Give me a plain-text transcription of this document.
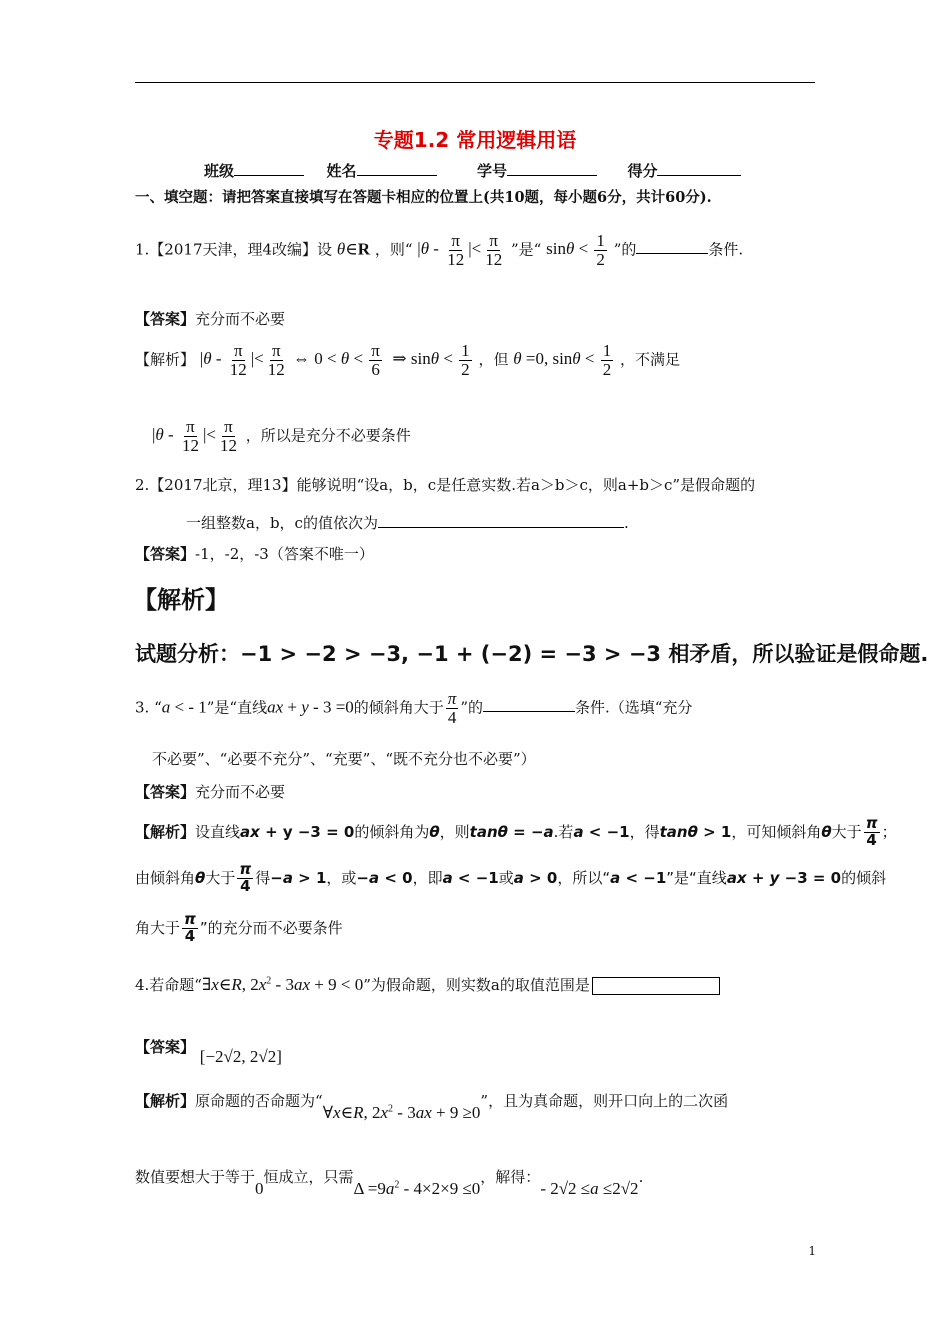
专题1.2 常用逻辑用语
班级	姓名	学号	得分
一、填空题：请把答案直接填写在答题卡相应的位置上(共10题，每小题6分，共计60分).
1.【2017天津，理4改编】设 θ∈R ，则“ $|\theta - \frac{\pi}{12}$ |< $\frac{\pi}{12}$ ”是“ $\sin\theta < \frac{1}{2}$ ”的	条件.
【答案】充分而不必要
【解析】 $|\theta - \frac{\pi}{12}$ |< $\frac{\pi}{12}$ ⇔ $0 < \theta < \frac{\pi}{6}$ ⇒ $\sin\theta < \frac{1}{2}$ ，但 θ =0, $\sin\theta < \frac{1}{2}$ ，不满足
$|\theta - \frac{\pi}{12}$ |< $\frac{\pi}{12}$ ，所以是充分不必要条件
2.【2017北京，理13】能够说明“设a，b，c是任意实数.若a＞b＞c，则a+b＞c”是假命题的
一组整数a，b，c的值依次为	.
【答案】-1，-2，-3（答案不唯一）
【解析】
试题分析：−1 > −2 > −3, −1 + (−2) = −3 > −3 相矛盾，所以验证是假命题.
3. “a < - 1”是“直线ax + y - 3 =0的倾斜角大于 $\frac{\pi}{4}$ ”的	条件.（选填“充分
不必要”、“必要不充分”、“充要”、“既不充分也不必要”）
【答案】充分而不必要
【解析】设直线ax + y −3 = 0的倾斜角为θ，则tanθ = −a.若a < −1，得tanθ > 1，可知倾斜角θ大于 $\frac{\pi}{4}$ ；
由倾斜角θ大于 $\frac{\pi}{4}$ 得−a > 1，或−a < 0，即a < −1或a > 0，所以“a < −1”是“直线ax + y −3 = 0的倾斜
角大于 $\frac{\pi}{4}$ ”的充分而不必要条件
4.若命题“∃x∈R, $2x^2 - 3ax + 9 < 0$”为假命题，则实数a的取值范围是
【答案】 [−2√2, 2√2]
【解析】原命题的否命题为“∀x∈R, $2x^2 - 3ax + 9 \ge 0$”，且为真命题，则开口向上的二次函
数值要想大于等于0恒成立，只需$\Delta =9a^2 - 4\times 2\times 9 \le 0$，解得：- 2√2 ≤a ≤2√2.
1
